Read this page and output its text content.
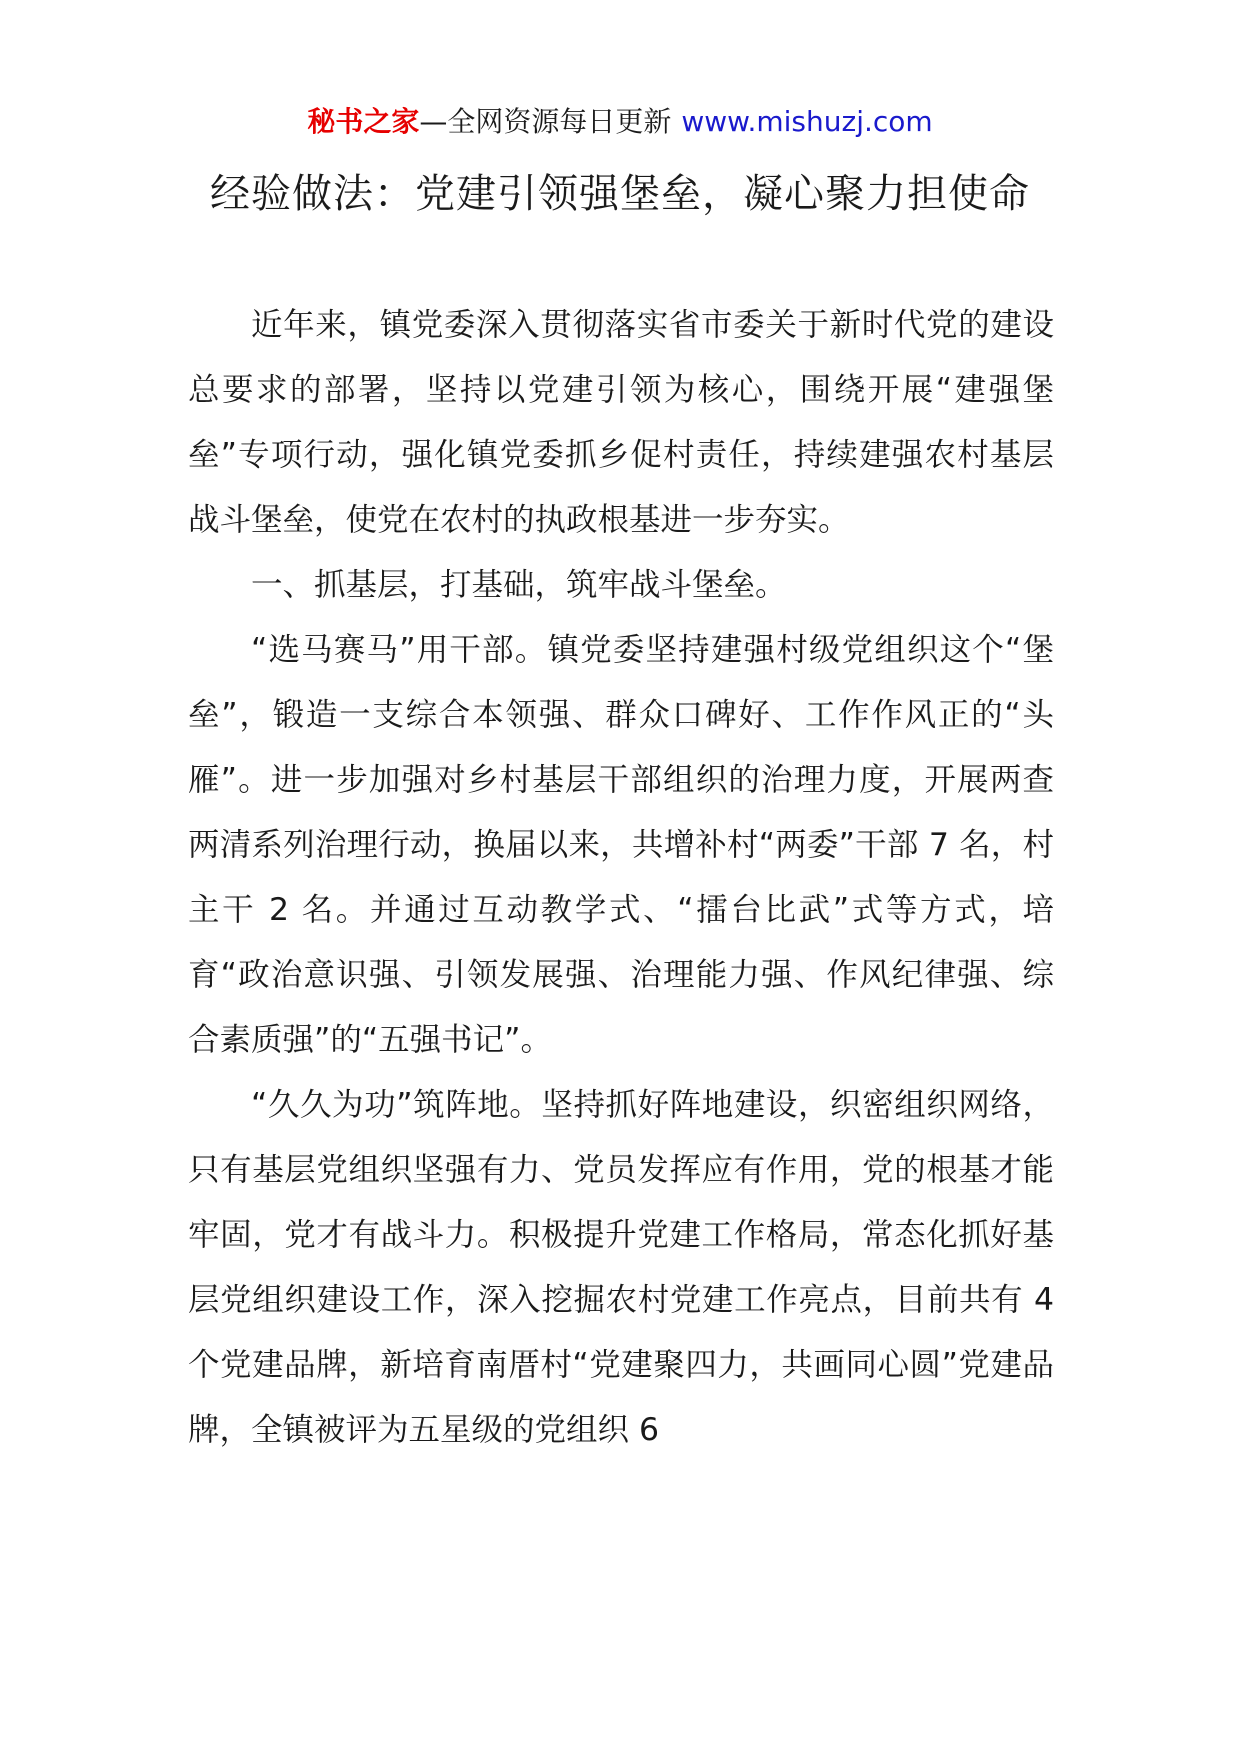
秘书之家—全网资源每日更新 www.mishuzj.com
经验做法：党建引领强堡垒，凝心聚力担使命

近年来，镇党委深入贯彻落实省市委关于新时代党的建设总要求的部署，坚持以党建引领为核心，围绕开展“建强堡垒”专项行动，强化镇党委抓乡促村责任，持续建强农村基层战斗堡垒，使党在农村的执政根基进一步夯实。

一、抓基层，打基础，筑牢战斗堡垒。

“选马赛马”用干部。镇党委坚持建强村级党组织这个“堡垒”，锻造一支综合本领强、群众口碑好、工作作风正的“头雁”。进一步加强对乡村基层干部组织的治理力度，开展两查两清系列治理行动，换届以来，共增补村“两委”干部 7 名，村主干 2 名。并通过互动教学式、“擂台比武”式等方式，培育“政治意识强、引领发展强、治理能力强、作风纪律强、综合素质强”的“五强书记”。

“久久为功”筑阵地。坚持抓好阵地建设，织密组织网络，只有基层党组织坚强有力、党员发挥应有作用，党的根基才能牢固，党才有战斗力。积极提升党建工作格局，常态化抓好基层党组织建设工作，深入挖掘农村党建工作亮点，目前共有 4 个党建品牌，新培育南厝村“党建聚四力，共画同心圆”党建品牌，全镇被评为五星级的党组织 6
